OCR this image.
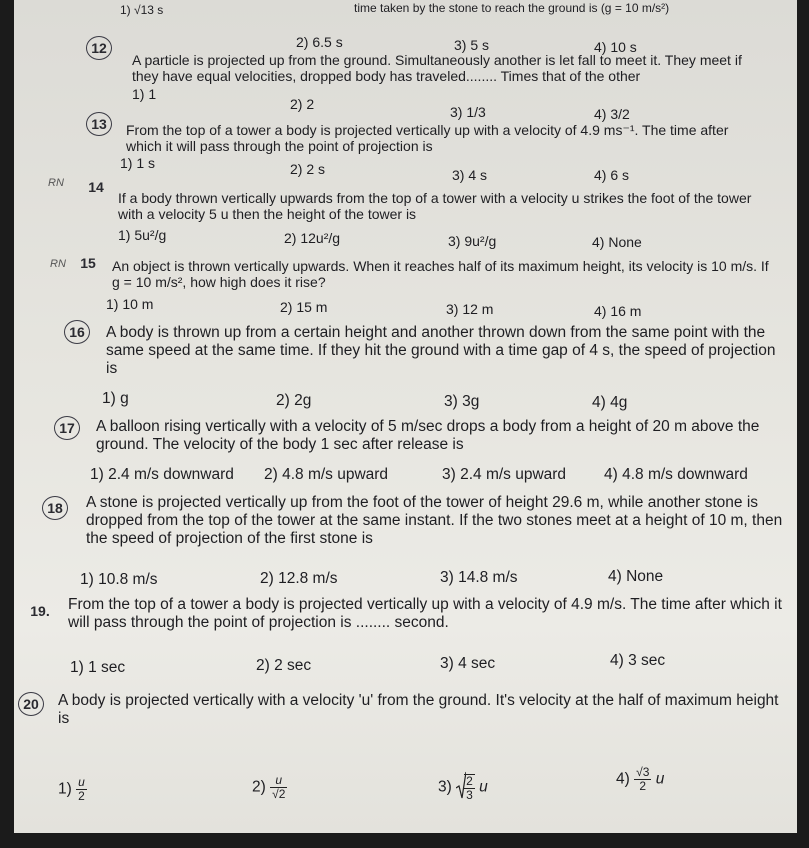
1) √13 s	time taken by the stone to reach the ground is (g = 10 m/s²)
2) 6.5 s	3) 5 s	4) 10 s
12
A particle is projected up from the ground. Simultaneously another is let fall to meet it. They meet if they have equal velocities, dropped body has traveled........ Times that of the other
1) 1
2) 2	3) 1/3	4) 3/2
13	From the top of a tower a body is projected vertically up with a velocity of 4.9 ms⁻¹. The time after which it will pass through the point of projection is
1) 1 s	2) 2 s	3) 4 s	4) 6 s
RN	14
If a body thrown vertically upwards from the top of a tower with a velocity u strikes the foot of the tower with a velocity 5 u then the height of the tower is
1) 5u²/g	2) 12u²/g	3) 9u²/g	4) None
RN	15	An object is thrown vertically upwards. When it reaches half of its maximum height, its velocity is 10 m/s. If g = 10 m/s², how high does it rise?
1) 10 m	2) 15 m	3) 12 m	4) 16 m
16	A body is thrown up from a certain height and another thrown down from the same point with the same speed at the same time. If they hit the ground with a time gap of 4 s, the speed of projection is
1) g	2) 2g	3) 3g	4) 4g
17	A balloon rising vertically with a velocity of 5 m/sec drops a body from a height of 20 m above the ground. The velocity of the body 1 sec after release is
1) 2.4 m/s downward 2) 4.8 m/s upward	3) 2.4 m/s upward 4) 4.8 m/s downward
18	A stone is projected vertically up from the foot of the tower of height 29.6 m, while another stone is dropped from the top of the tower at the same instant. If the two stones meet at a height of 10 m, then the speed of projection of the first stone is
1) 10.8 m/s	2) 12.8 m/s	3) 14.8 m/s	4) None
19. From the top of a tower a body is projected vertically up with a velocity of 4.9 m/s. The time after which it will pass through the point of projection is ........ second.
1) 1 sec	2) 2 sec	3) 4 sec	4) 3 sec
20	A body is projected vertically with a velocity 'u' from the ground. It's velocity at the half of maximum height is
$1) \frac{u}{2}$	$2) \frac{u}{√2}$	$3) \frac{2}{3}$ u	$4) \frac{√3}{2}$ u
